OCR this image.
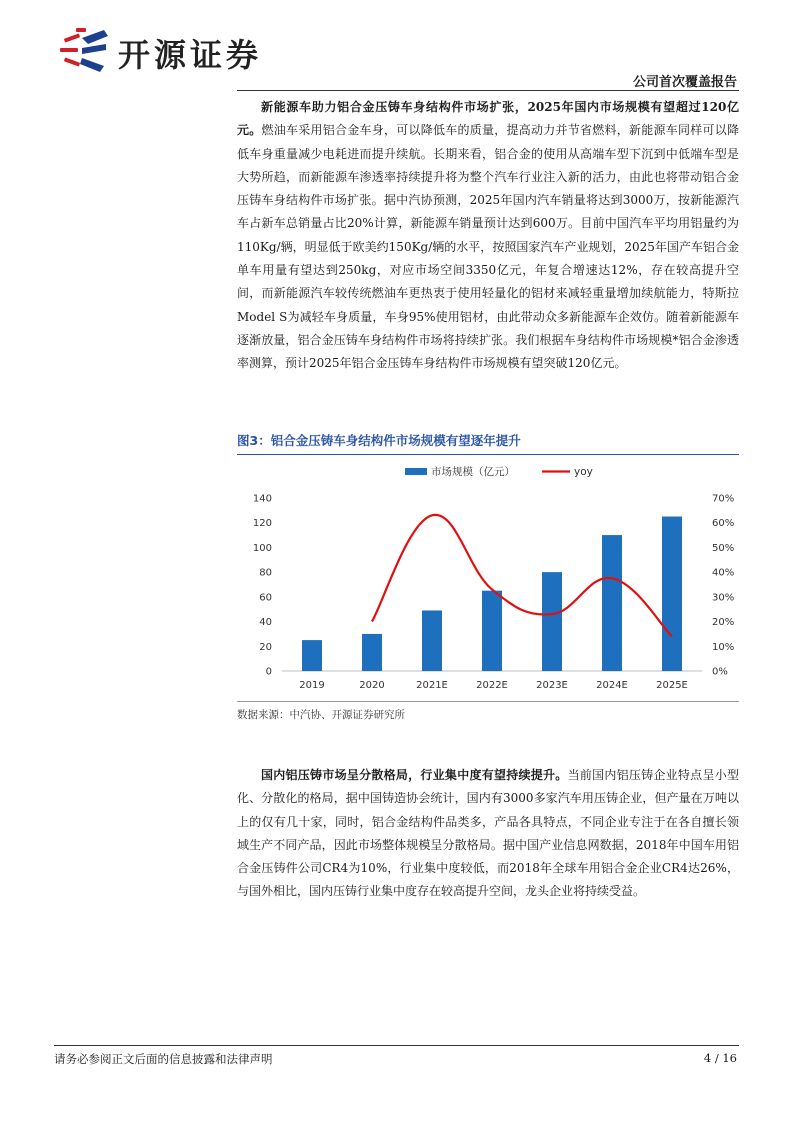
开源证券
公司首次覆盖报告

新能源车助力铝合金压铸车身结构件市场扩张，2025年国内市场规模有望超过120亿元。燃油车采用铝合金车身，可以降低车的质量，提高动力并节省燃料，新能源车同样可以降低车身重量减少电耗进而提升续航。长期来看，铝合金的使用从高端车型下沉到中低端车型是大势所趋，而新能源车渗透率持续提升将为整个汽车行业注入新的活力，由此也将带动铝合金压铸车身结构件市场扩张。据中汽协预测，2025年国内汽车销量将达到3000万，按新能源汽车占新车总销量占比20%计算，新能源车销量预计达到600万。目前中国汽车平均用铝量约为110Kg/辆，明显低于欧美约150Kg/辆的水平，按照国家汽车产业规划，2025年国产车铝合金单车用量有望达到250kg，对应市场空间3350亿元，年复合增速达12%，存在较高提升空间，而新能源汽车较传统燃油车更热衷于使用轻量化的铝材来减轻重量增加续航能力，特斯拉Model S为减轻车身质量，车身95%使用铝材，由此带动众多新能源车企效仿。随着新能源车逐渐放量，铝合金压铸车身结构件市场将持续扩张。我们根据车身结构件市场规模*铝合金渗透率测算，预计2025年铝合金压铸车身结构件市场规模有望突破120亿元。

图3：铝合金压铸车身结构件市场规模有望逐年提升
0
20
40
60
80
100
120
140
0%
10%
20%
30%
40%
50%
60%
70%
2019	2020	2021E	2022E	2023E	2024E	2025E
市场规模（亿元）	yoy
数据来源：中汽协、开源证券研究所

国内铝压铸市场呈分散格局，行业集中度有望持续提升。当前国内铝压铸企业特点呈小型化、分散化的格局，据中国铸造协会统计，国内有3000多家汽车用压铸企业，但产量在万吨以上的仅有几十家，同时，铝合金结构件品类多，产品各具特点，不同企业专注于在各自擅长领域生产不同产品，因此市场整体规模呈分散格局。据中国产业信息网数据，2018年中国车用铝合金压铸件公司CR4为10%，行业集中度较低，而2018年全球车用铝合金企业CR4达26%，与国外相比，国内压铸行业集中度存在较高提升空间，龙头企业将持续受益。

请务必参阅正文后面的信息披露和法律声明	4 / 16
